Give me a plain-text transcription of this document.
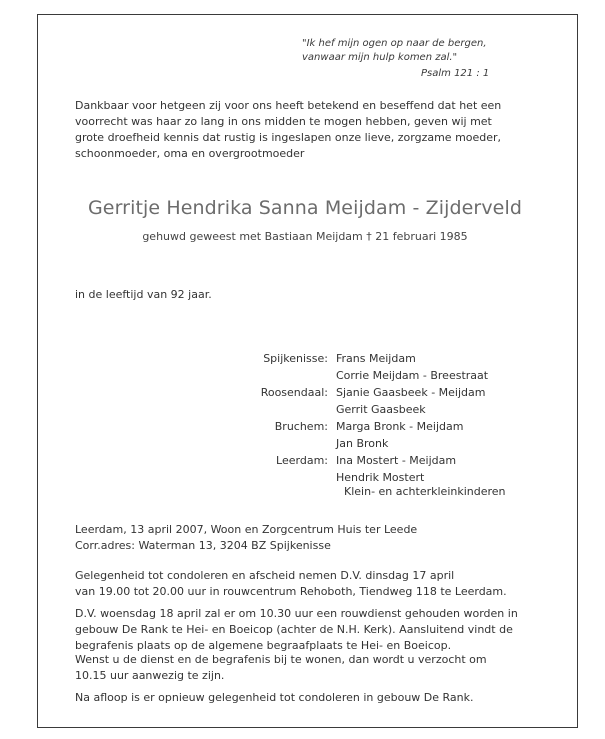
"Ik hef mijn ogen op naar de bergen,
vanwaar mijn hulp komen zal."
Psalm 121 : 1
Dankbaar voor hetgeen zij voor ons heeft betekend en beseffend dat het een
voorrecht was haar zo lang in ons midden te mogen hebben, geven wij met
grote droefheid kennis dat rustig is ingeslapen onze lieve, zorgzame moeder,
schoonmoeder, oma en overgrootmoeder
Gerritje Hendrika Sanna Meijdam - Zijderveld
gehuwd geweest met Bastiaan Meijdam † 21 februari 1985
in de leeftijd van 92 jaar.
Spijkenisse: Frans Meijdam
Corrie Meijdam - Breestraat
Roosendaal: Sjanie Gaasbeek - Meijdam
Gerrit Gaasbeek
Bruchem: Marga Bronk - Meijdam
Jan Bronk
Leerdam: Ina Mostert - Meijdam
Hendrik Mostert
Klein- en achterkleinkinderen
Leerdam, 13 april 2007, Woon en Zorgcentrum Huis ter Leede
Corr.adres: Waterman 13, 3204 BZ Spijkenisse
Gelegenheid tot condoleren en afscheid nemen D.V. dinsdag 17 april
van 19.00 tot 20.00 uur in rouwcentrum Rehoboth, Tiendweg 118 te Leerdam.
D.V. woensdag 18 april zal er om 10.30 uur een rouwdienst gehouden worden in
gebouw De Rank te Hei- en Boeicop (achter de N.H. Kerk). Aansluitend vindt de
begrafenis plaats op de algemene begraafplaats te Hei- en Boeicop.
Wenst u de dienst en de begrafenis bij te wonen, dan wordt u verzocht om
10.15 uur aanwezig te zijn.
Na afloop is er opnieuw gelegenheid tot condoleren in gebouw De Rank.
